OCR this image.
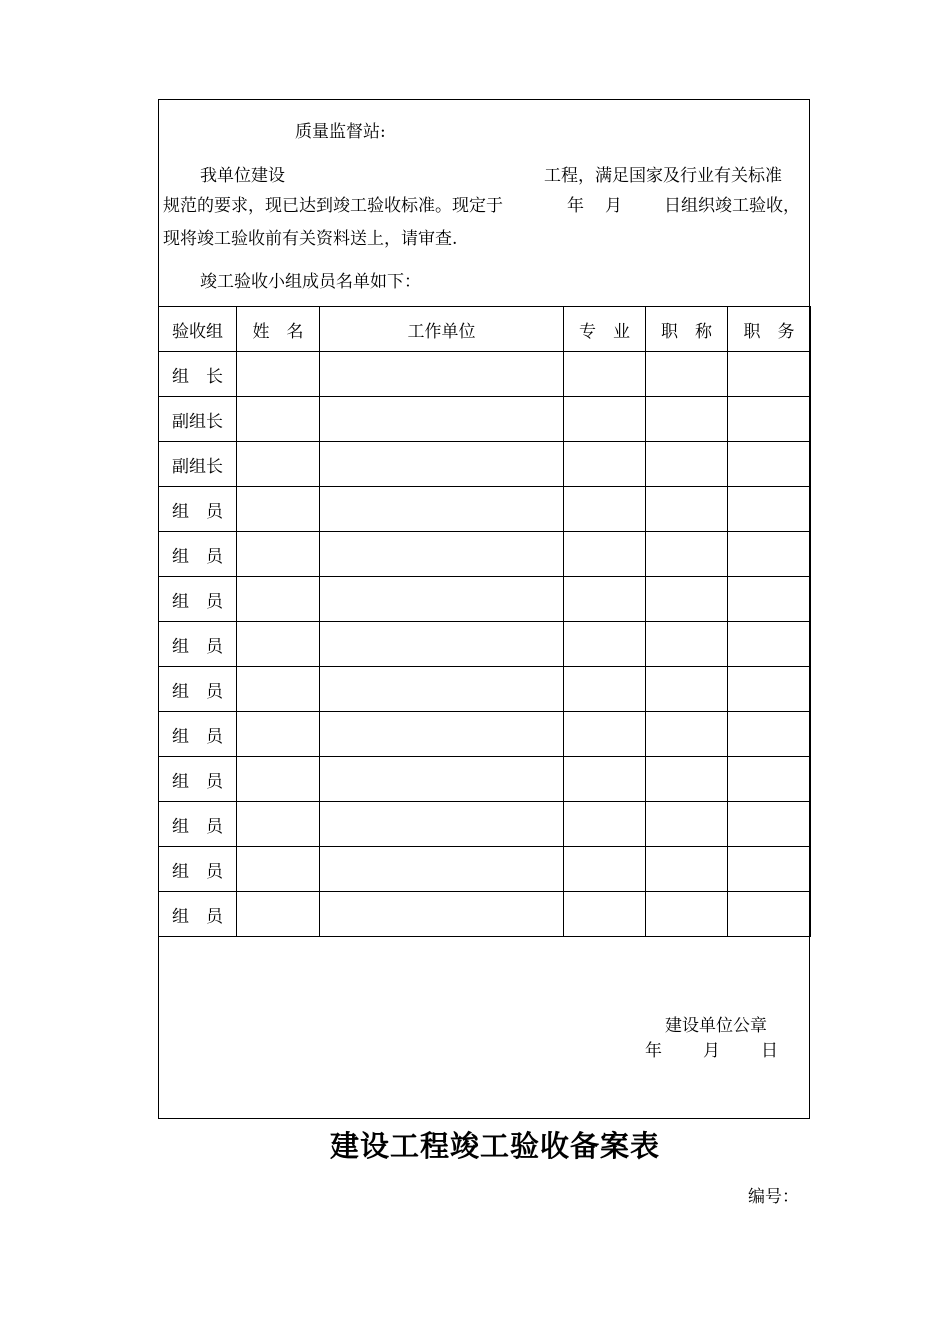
质量监督站:
我单位建设	工程，满足国家及行业有关标准
规范的要求，现已达到竣工验收标准。现定于	年 月 日组织竣工验收，
现将竣工验收前有关资料送上，请审查.
竣工验收小组成员名单如下：
验收组	姓　名	工作单位	专　业	职　称	职　务
组　长					
副组长					
副组长					
组　员					
组　员					
组　员					
组　员					
组　员					
组　员					
组　员					
组　员					
组　员					
组　员					
建设单位公章
年 月 日
建设工程竣工验收备案表
编号：
